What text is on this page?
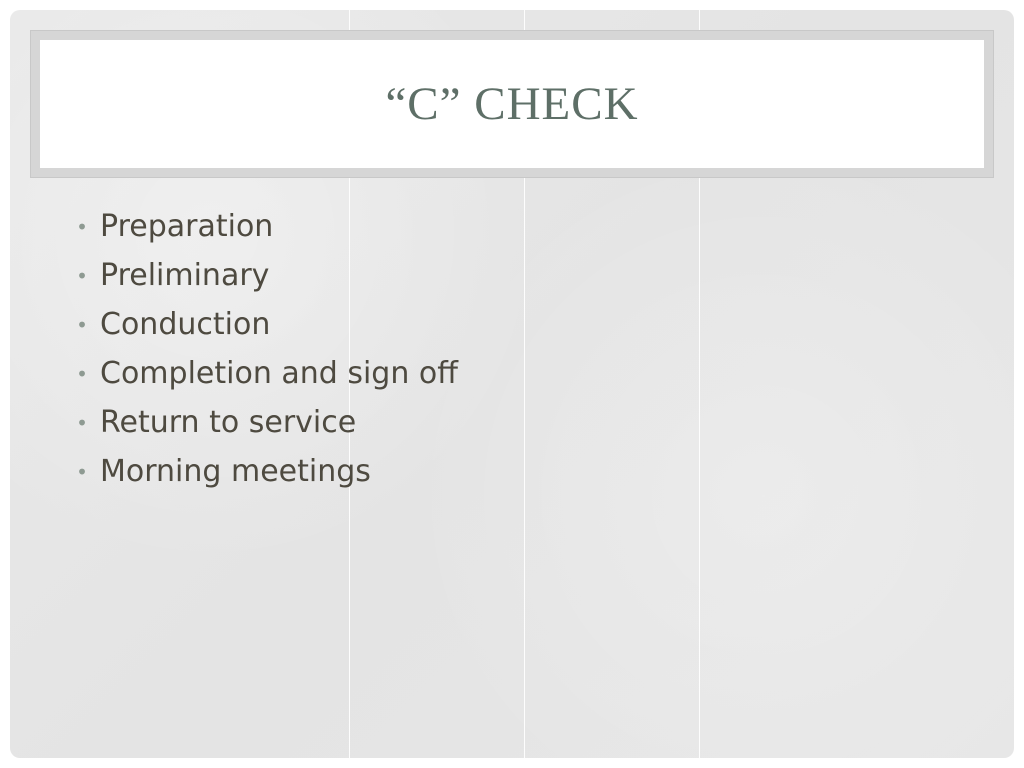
“C” CHECK
• Preparation
• Preliminary
• Conduction
• Completion and sign off
• Return to service
• Morning meetings
